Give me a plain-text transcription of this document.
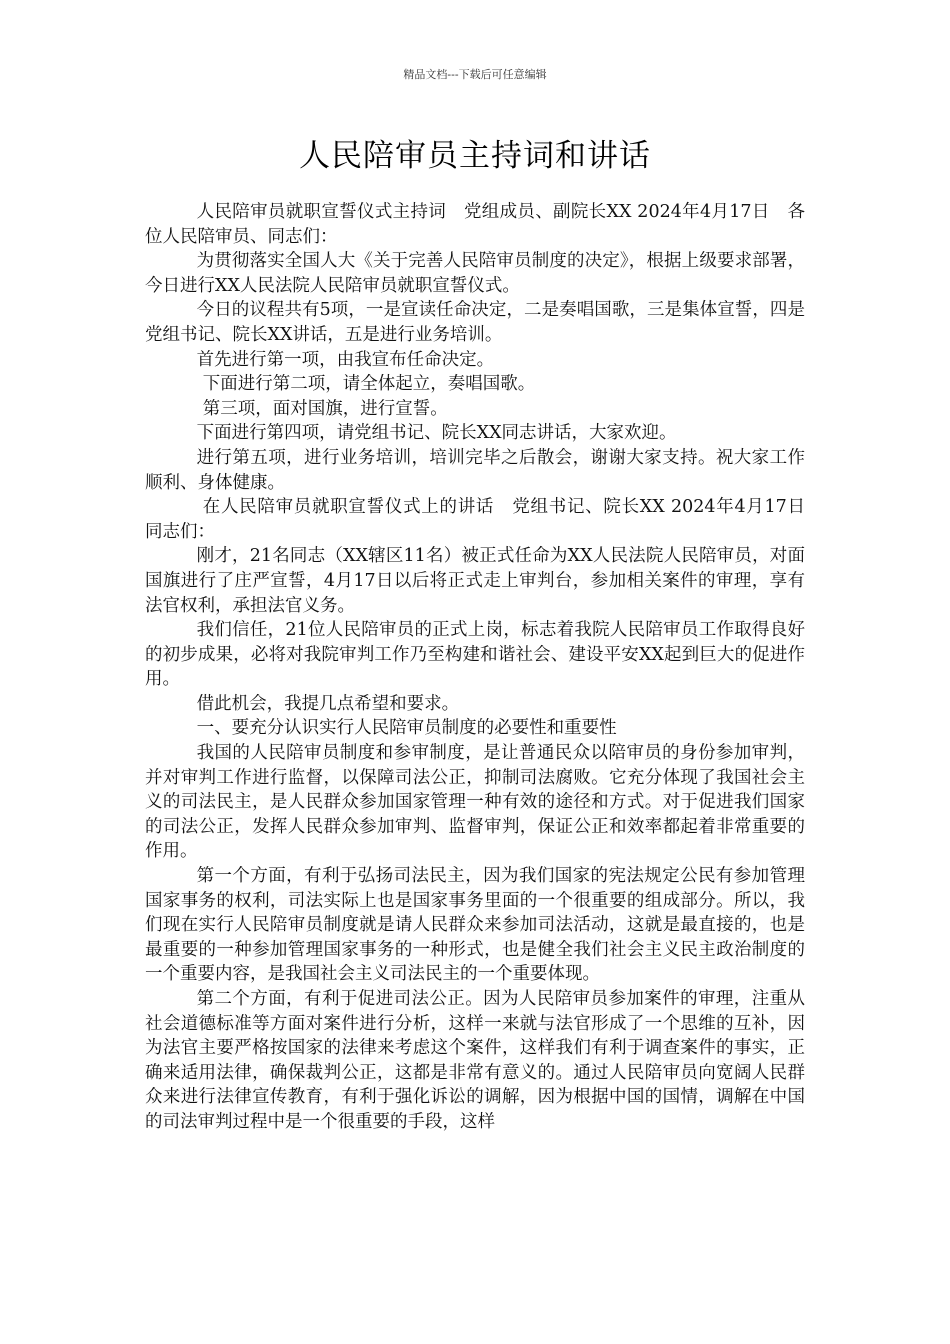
精品文档---下载后可任意编辑
人民陪审员主持词和讲话

人民陪审员就职宣誓仪式主持词　党组成员、副院长XX 2024年4月17日　各位人民陪审员、同志们：

为贯彻落实全国人大《关于完善人民陪审员制度的决定》，根据上级要求部署，今日进行XX人民法院人民陪审员就职宣誓仪式。

今日的议程共有5项，一是宣读任命决定，二是奏唱国歌，三是集体宣誓，四是党组书记、院长XX讲话，五是进行业务培训。

首先进行第一项，由我宣布任命决定。

下面进行第二项，请全体起立，奏唱国歌。

第三项，面对国旗，进行宣誓。

下面进行第四项，请党组书记、院长XX同志讲话，大家欢迎。

进行第五项，进行业务培训，培训完毕之后散会，谢谢大家支持。祝大家工作顺利、身体健康。

在人民陪审员就职宣誓仪式上的讲话　党组书记、院长XX 2024年4月17日　同志们：

刚才，21名同志（XX辖区11名）被正式任命为XX人民法院人民陪审员，对面国旗进行了庄严宣誓，4月17日以后将正式走上审判台，参加相关案件的审理，享有法官权利，承担法官义务。

我们信任，21位人民陪审员的正式上岗，标志着我院人民陪审员工作取得良好的初步成果，必将对我院审判工作乃至构建和谐社会、建设平安XX起到巨大的促进作用。

借此机会，我提几点希望和要求。

一、要充分认识实行人民陪审员制度的必要性和重要性

我国的人民陪审员制度和参审制度，是让普通民众以陪审员的身份参加审判，并对审判工作进行监督，以保障司法公正，抑制司法腐败。它充分体现了我国社会主义的司法民主，是人民群众参加国家管理一种有效的途径和方式。对于促进我们国家的司法公正，发挥人民群众参加审判、监督审判，保证公正和效率都起着非常重要的作用。

第一个方面，有利于弘扬司法民主，因为我们国家的宪法规定公民有参加管理国家事务的权利，司法实际上也是国家事务里面的一个很重要的组成部分。所以，我们现在实行人民陪审员制度就是请人民群众来参加司法活动，这就是最直接的，也是最重要的一种参加管理国家事务的一种形式，也是健全我们社会主义民主政治制度的一个重要内容，是我国社会主义司法民主的一个重要体现。

第二个方面，有利于促进司法公正。因为人民陪审员参加案件的审理，注重从社会道德标准等方面对案件进行分析，这样一来就与法官形成了一个思维的互补，因为法官主要严格按国家的法律来考虑这个案件，这样我们有利于调查案件的事实，正确来适用法律，确保裁判公正，这都是非常有意义的。通过人民陪审员向宽阔人民群众来进行法律宣传教育，有利于强化诉讼的调解，因为根据中国的国情，调解在中国的司法审判过程中是一个很重要的手段，这样
